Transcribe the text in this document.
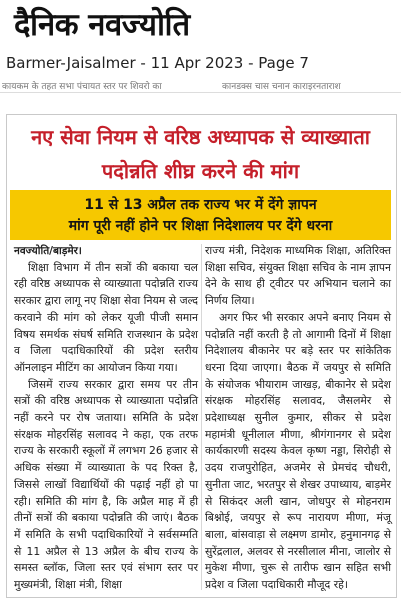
दैनिक नवज्योति
Barmer-Jaisalmer - 11 Apr 2023 - Page 7
कायकम के तहत सभा पंचायत स्तर पर शिवरो का	कानडक्स चास चनान काराइरनताराश
नए सेवा नियम से वरिष्ठ अध्यापक से व्याख्याता पदोन्नति शीघ्र करने की मांग
11 से 13 अप्रैल तक राज्य भर में देंगे ज्ञापन
मांग पूरी नहीं होने पर शिक्षा निदेशालय पर देंगे धरना
नवज्योति/बाड़मेर।
शिक्षा विभाग में तीन सत्रों की बकाया चल रही वरिष्ठ अध्यापक से व्याख्याता पदोन्नति राज्य सरकार द्वारा लागू नए शिक्षा सेवा नियम से जल्द करवाने की मांग को लेकर यूजी पीजी समान विषय समर्थक संघर्ष समिति राजस्थान के प्रदेश व जिला पदाधिकारियों की प्रदेश स्तरीय ऑनलाइन मीटिंग का आयोजन किया गया।
जिसमें राज्य सरकार द्वारा समय पर तीन सत्रों की वरिष्ठ अध्यापक से व्याख्याता पदोन्नति नहीं करने पर रोष जताया। समिति के प्रदेश संरक्षक मोहरसिंह सलावद ने कहा, एक तरफ राज्य के सरकारी स्कूलों में लगभग 26 हजार से अधिक संख्या में व्याख्याता के पद रिक्त है, जिससे लाखों विद्यार्थियों की पढ़ाई नहीं हो पा रही। समिति की मांग है, कि अप्रैल माह में ही तीनों सत्रों की बकाया पदोन्नति की जाएं। बैठक में समिति के सभी पदाधिकारियों ने सर्वसम्मति से 11 अप्रैल से 13 अप्रैल के बीच राज्य के समस्त ब्लॉक, जिला स्तर एवं संभाग स्तर पर मुख्यमंत्री, शिक्षा मंत्री, शिक्षा
राज्य मंत्री, निदेशक माध्यमिक शिक्षा, अतिरिक्त शिक्षा सचिव, संयुक्त शिक्षा सचिव के नाम ज्ञापन देने के साथ ही ट्वीटर पर अभियान चलाने का निर्णय लिया।
अगर फिर भी सरकार अपने बनाए नियम से पदोन्नति नहीं करती है तो आगामी दिनों में शिक्षा निदेशालय बीकानेर पर बड़े स्तर पर सांकेतिक धरना दिया जाएगा। बैठक में जयपुर से समिति के संयोजक भीयाराम जाखड़, बीकानेर से प्रदेश संरक्षक मोहरसिंह सलावद, जैसलमेर से प्रदेशाध्यक्ष सुनील कुमार, सीकर से प्रदेश महामंत्री धूनीलाल मीणा, श्रीगंगानगर से प्रदेश कार्यकारणी सदस्य केवल कृष्ण नड्डा, सिरोही से उदय राजपुरोहित, अजमेर से प्रेमचंद चौधरी, सुनीता जाट, भरतपुर से शेखर उपाध्याय, बाड़मेर से सिकंदर अली खान, जोधपुर से मोहनराम बिश्नोई, जयपुर से रूप नारायण मीणा, मंजू बाला, बांसवाड़ा से लक्ष्मण डामोर, हनुमानगढ़ से सुरेंद्रलाल, अलवर से नरसीलाल मीना, जालोर से मुकेश मीणा, चुरू से तारीफ खान सहित सभी प्रदेश व जिला पदाधिकारी मौजूद रहे।
